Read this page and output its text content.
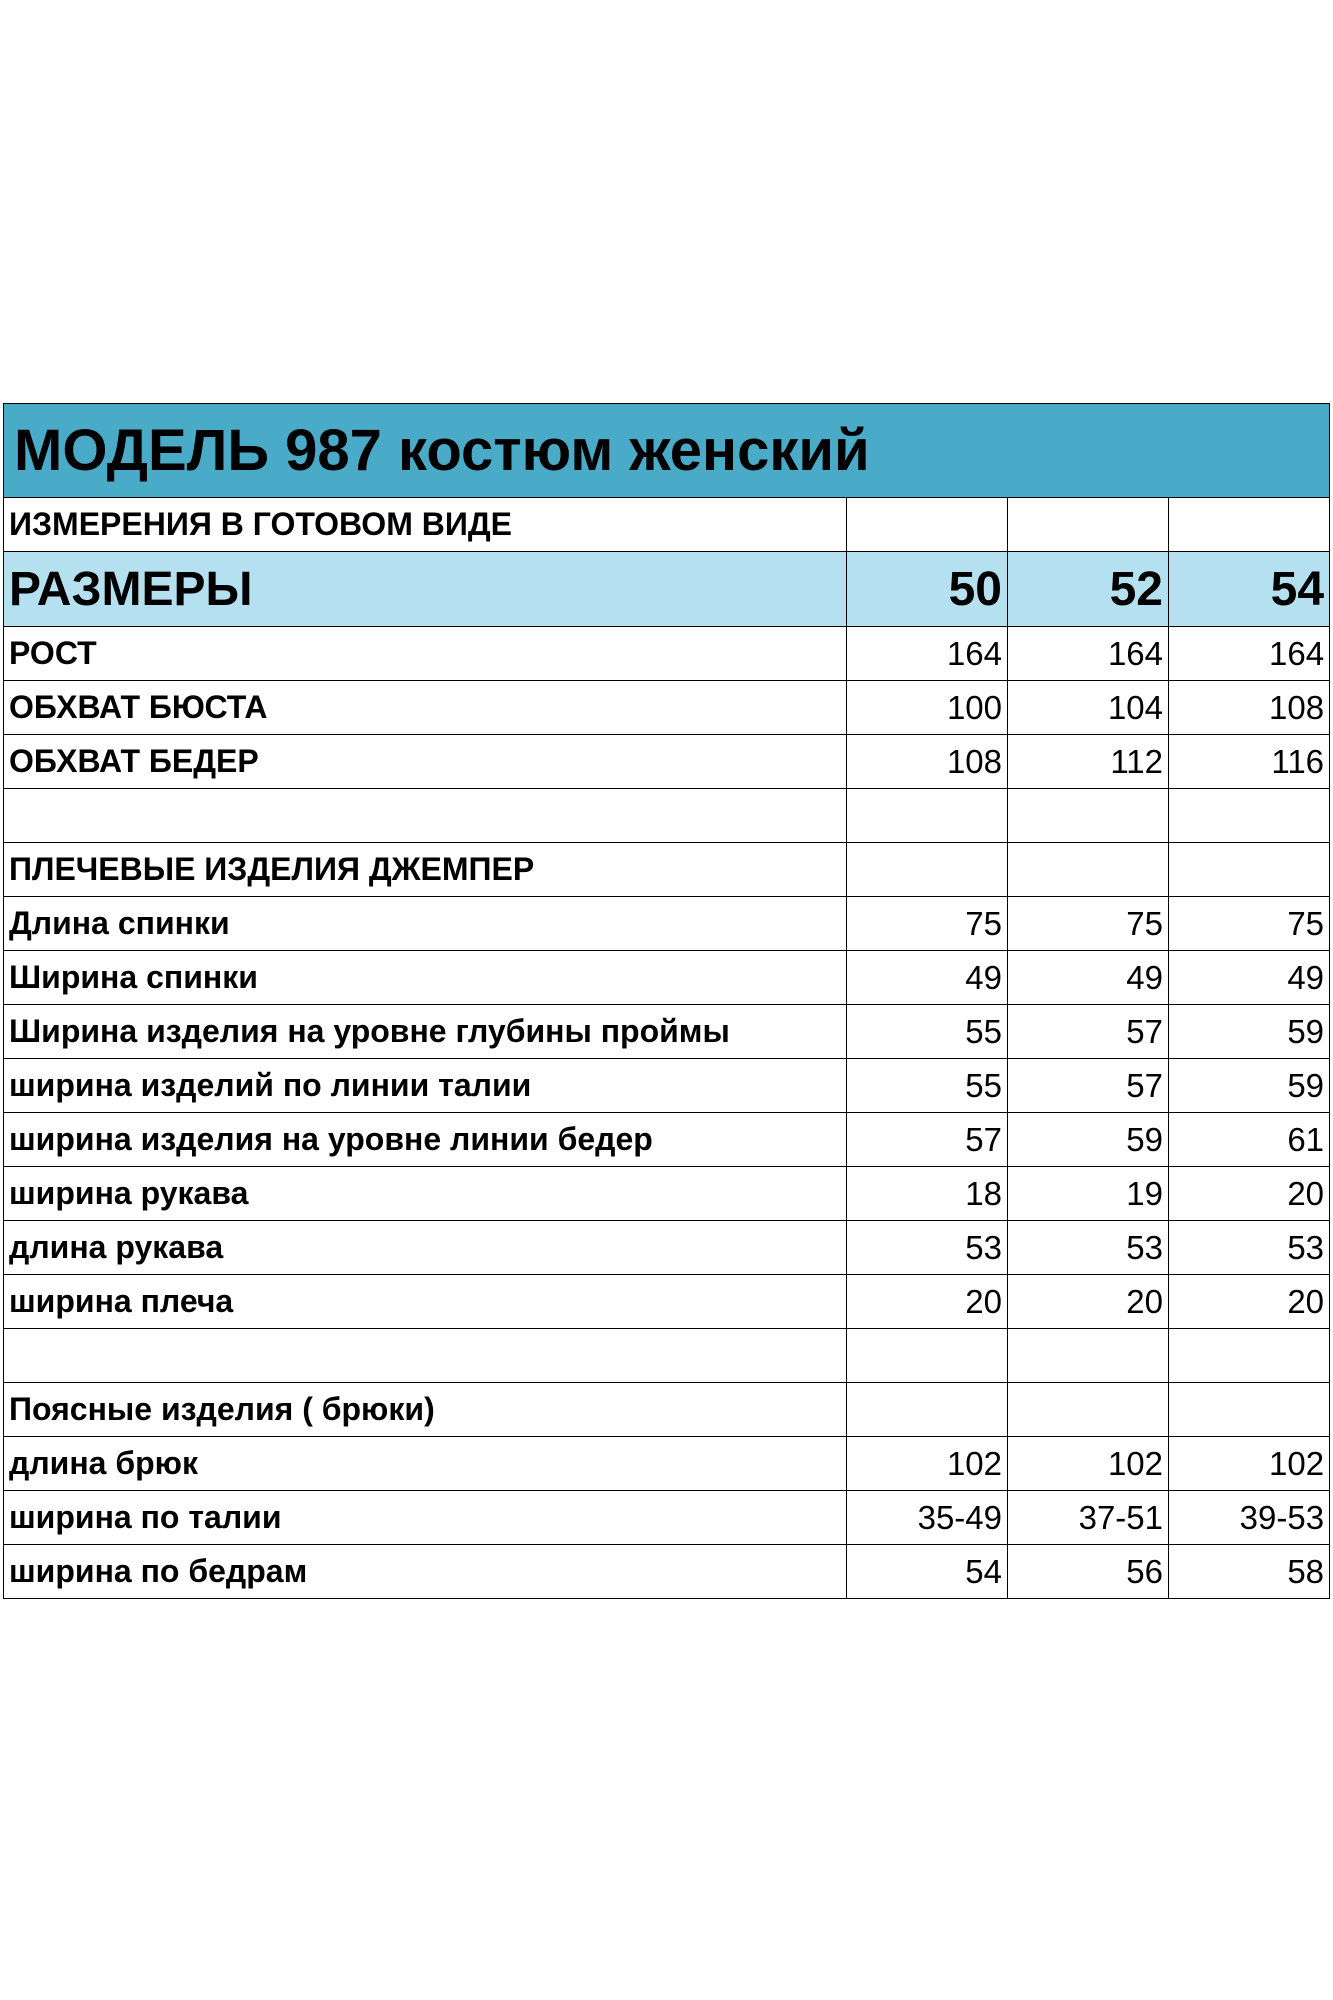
МОДЕЛЬ 987 костюм женский			
ИЗМЕРЕНИЯ В ГОТОВОМ ВИДЕ			
РАЗМЕРЫ	50	52	54
РОСТ	164	164	164
ОБХВАТ БЮСТА	100	104	108
ОБХВАТ БЕДЕР	108	112	116

ПЛЕЧЕВЫЕ ИЗДЕЛИЯ ДЖЕМПЕР			
Длина спинки	75	75	75
Ширина спинки	49	49	49
Ширина изделия на уровне глубины проймы	55	57	59
ширина изделий по линии талии	55	57	59
ширина изделия на уровне линии бедер	57	59	61
ширина рукава	18	19	20
длина рукава	53	53	53
ширина плеча	20	20	20

Поясные изделия ( брюки)			
длина брюк	102	102	102
ширина по талии	35-49	37-51	39-53
ширина по бедрам	54	56	58
